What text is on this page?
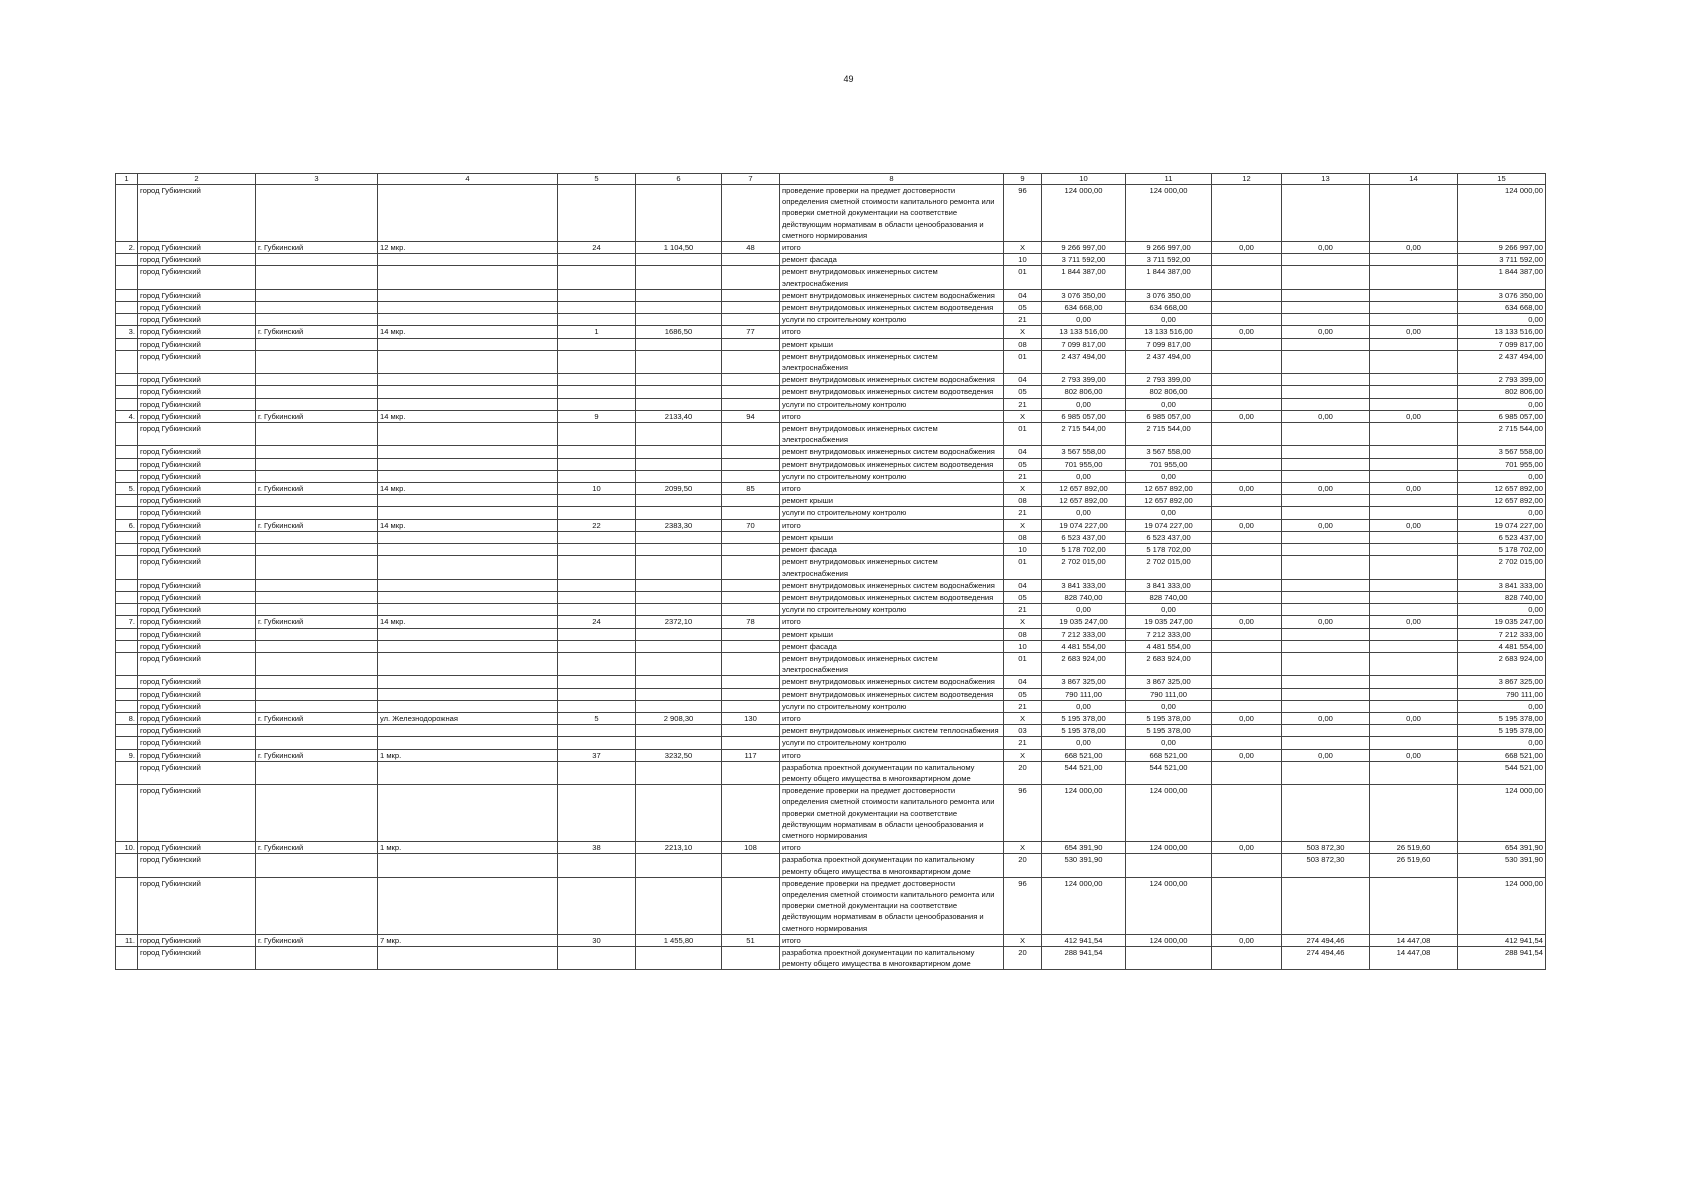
49
1	2	3	4	5	6	7	8	9	10	11	12	13	14	15
	город Губкинский						проведение проверки на предмет достоверности определения сметной стоимости капитального ремонта или проверки сметной документации на соответствие действующим нормативам в области ценообразования и сметного нормирования	96	124 000,00	124 000,00				124 000,00
2.	город Губкинский	г. Губкинский	12 мкр.	24	1 104,50	48	итого	X	9 266 997,00	9 266 997,00	0,00	0,00	0,00	9 266 997,00
	город Губкинский						ремонт фасада	10	3 711 592,00	3 711 592,00				3 711 592,00
	город Губкинский						ремонт внутридомовых инженерных систем электроснабжения	01	1 844 387,00	1 844 387,00				1 844 387,00
	город Губкинский						ремонт внутридомовых инженерных систем водоснабжения	04	3 076 350,00	3 076 350,00				3 076 350,00
	город Губкинский						ремонт внутридомовых инженерных систем водоотведения	05	634 668,00	634 668,00				634 668,00
	город Губкинский						услуги по строительному контролю	21	0,00	0,00				0,00
3.	город Губкинский	г. Губкинский	14 мкр.	1	1686,50	77	итого	X	13 133 516,00	13 133 516,00	0,00	0,00	0,00	13 133 516,00
	город Губкинский						ремонт крыши	08	7 099 817,00	7 099 817,00				7 099 817,00
	город Губкинский						ремонт внутридомовых инженерных систем электроснабжения	01	2 437 494,00	2 437 494,00				2 437 494,00
	город Губкинский						ремонт внутридомовых инженерных систем водоснабжения	04	2 793 399,00	2 793 399,00				2 793 399,00
	город Губкинский						ремонт внутридомовых инженерных систем водоотведения	05	802 806,00	802 806,00				802 806,00
	город Губкинский						услуги по строительному контролю	21	0,00	0,00				0,00
4.	город Губкинский	г. Губкинский	14 мкр.	9	2133,40	94	итого	X	6 985 057,00	6 985 057,00	0,00	0,00	0,00	6 985 057,00
	город Губкинский						ремонт внутридомовых инженерных систем электроснабжения	01	2 715 544,00	2 715 544,00				2 715 544,00
	город Губкинский						ремонт внутридомовых инженерных систем водоснабжения	04	3 567 558,00	3 567 558,00				3 567 558,00
	город Губкинский						ремонт внутридомовых инженерных систем водоотведения	05	701 955,00	701 955,00				701 955,00
	город Губкинский						услуги по строительному контролю	21	0,00	0,00				0,00
5.	город Губкинский	г. Губкинский	14 мкр.	10	2099,50	85	итого	X	12 657 892,00	12 657 892,00	0,00	0,00	0,00	12 657 892,00
	город Губкинский						ремонт крыши	08	12 657 892,00	12 657 892,00				12 657 892,00
	город Губкинский						услуги по строительному контролю	21	0,00	0,00				0,00
6.	город Губкинский	г. Губкинский	14 мкр.	22	2383,30	70	итого	X	19 074 227,00	19 074 227,00	0,00	0,00	0,00	19 074 227,00
	город Губкинский						ремонт крыши	08	6 523 437,00	6 523 437,00				6 523 437,00
	город Губкинский						ремонт фасада	10	5 178 702,00	5 178 702,00				5 178 702,00
	город Губкинский						ремонт внутридомовых инженерных систем электроснабжения	01	2 702 015,00	2 702 015,00				2 702 015,00
	город Губкинский						ремонт внутридомовых инженерных систем водоснабжения	04	3 841 333,00	3 841 333,00				3 841 333,00
	город Губкинский						ремонт внутридомовых инженерных систем водоотведения	05	828 740,00	828 740,00				828 740,00
	город Губкинский						услуги по строительному контролю	21	0,00	0,00				0,00
7.	город Губкинский	г. Губкинский	14 мкр.	24	2372,10	78	итого	X	19 035 247,00	19 035 247,00	0,00	0,00	0,00	19 035 247,00
	город Губкинский						ремонт крыши	08	7 212 333,00	7 212 333,00				7 212 333,00
	город Губкинский						ремонт фасада	10	4 481 554,00	4 481 554,00				4 481 554,00
	город Губкинский						ремонт внутридомовых инженерных систем электроснабжения	01	2 683 924,00	2 683 924,00				2 683 924,00
	город Губкинский						ремонт внутридомовых инженерных систем водоснабжения	04	3 867 325,00	3 867 325,00				3 867 325,00
	город Губкинский						ремонт внутридомовых инженерных систем водоотведения	05	790 111,00	790 111,00				790 111,00
	город Губкинский						услуги по строительному контролю	21	0,00	0,00				0,00
8.	город Губкинский	г. Губкинский	ул. Железнодорожная	5	2 908,30	130	итого	X	5 195 378,00	5 195 378,00	0,00	0,00	0,00	5 195 378,00
	город Губкинский						ремонт внутридомовых инженерных систем теплоснабжения	03	5 195 378,00	5 195 378,00				5 195 378,00
	город Губкинский						услуги по строительному контролю	21	0,00	0,00				0,00
9.	город Губкинский	г. Губкинский	1 мкр.	37	3232,50	117	итого	X	668 521,00	668 521,00	0,00	0,00	0,00	668 521,00
	город Губкинский						разработка проектной документации по капитальному ремонту общего имущества в многоквартирном доме	20	544 521,00	544 521,00				544 521,00
	город Губкинский						проведение проверки на предмет достоверности определения сметной стоимости капитального ремонта или проверки сметной документации на соответствие действующим нормативам в области ценообразования и сметного нормирования	96	124 000,00	124 000,00				124 000,00
10.	город Губкинский	г. Губкинский	1 мкр.	38	2213,10	108	итого	X	654 391,90	124 000,00	0,00	503 872,30	26 519,60	654 391,90
	город Губкинский						разработка проектной документации по капитальному ремонту общего имущества в многоквартирном доме	20	530 391,90			503 872,30	26 519,60	530 391,90
	город Губкинский						проведение проверки на предмет достоверности определения сметной стоимости капитального ремонта или проверки сметной документации на соответствие действующим нормативам в области ценообразования и сметного нормирования	96	124 000,00	124 000,00				124 000,00
11.	город Губкинский	г. Губкинский	7 мкр.	30	1 455,80	51	итого	X	412 941,54	124 000,00	0,00	274 494,46	14 447,08	412 941,54
	город Губкинский						разработка проектной документации по капитальному ремонту общего имущества в многоквартирном доме	20	288 941,54			274 494,46	14 447,08	288 941,54
